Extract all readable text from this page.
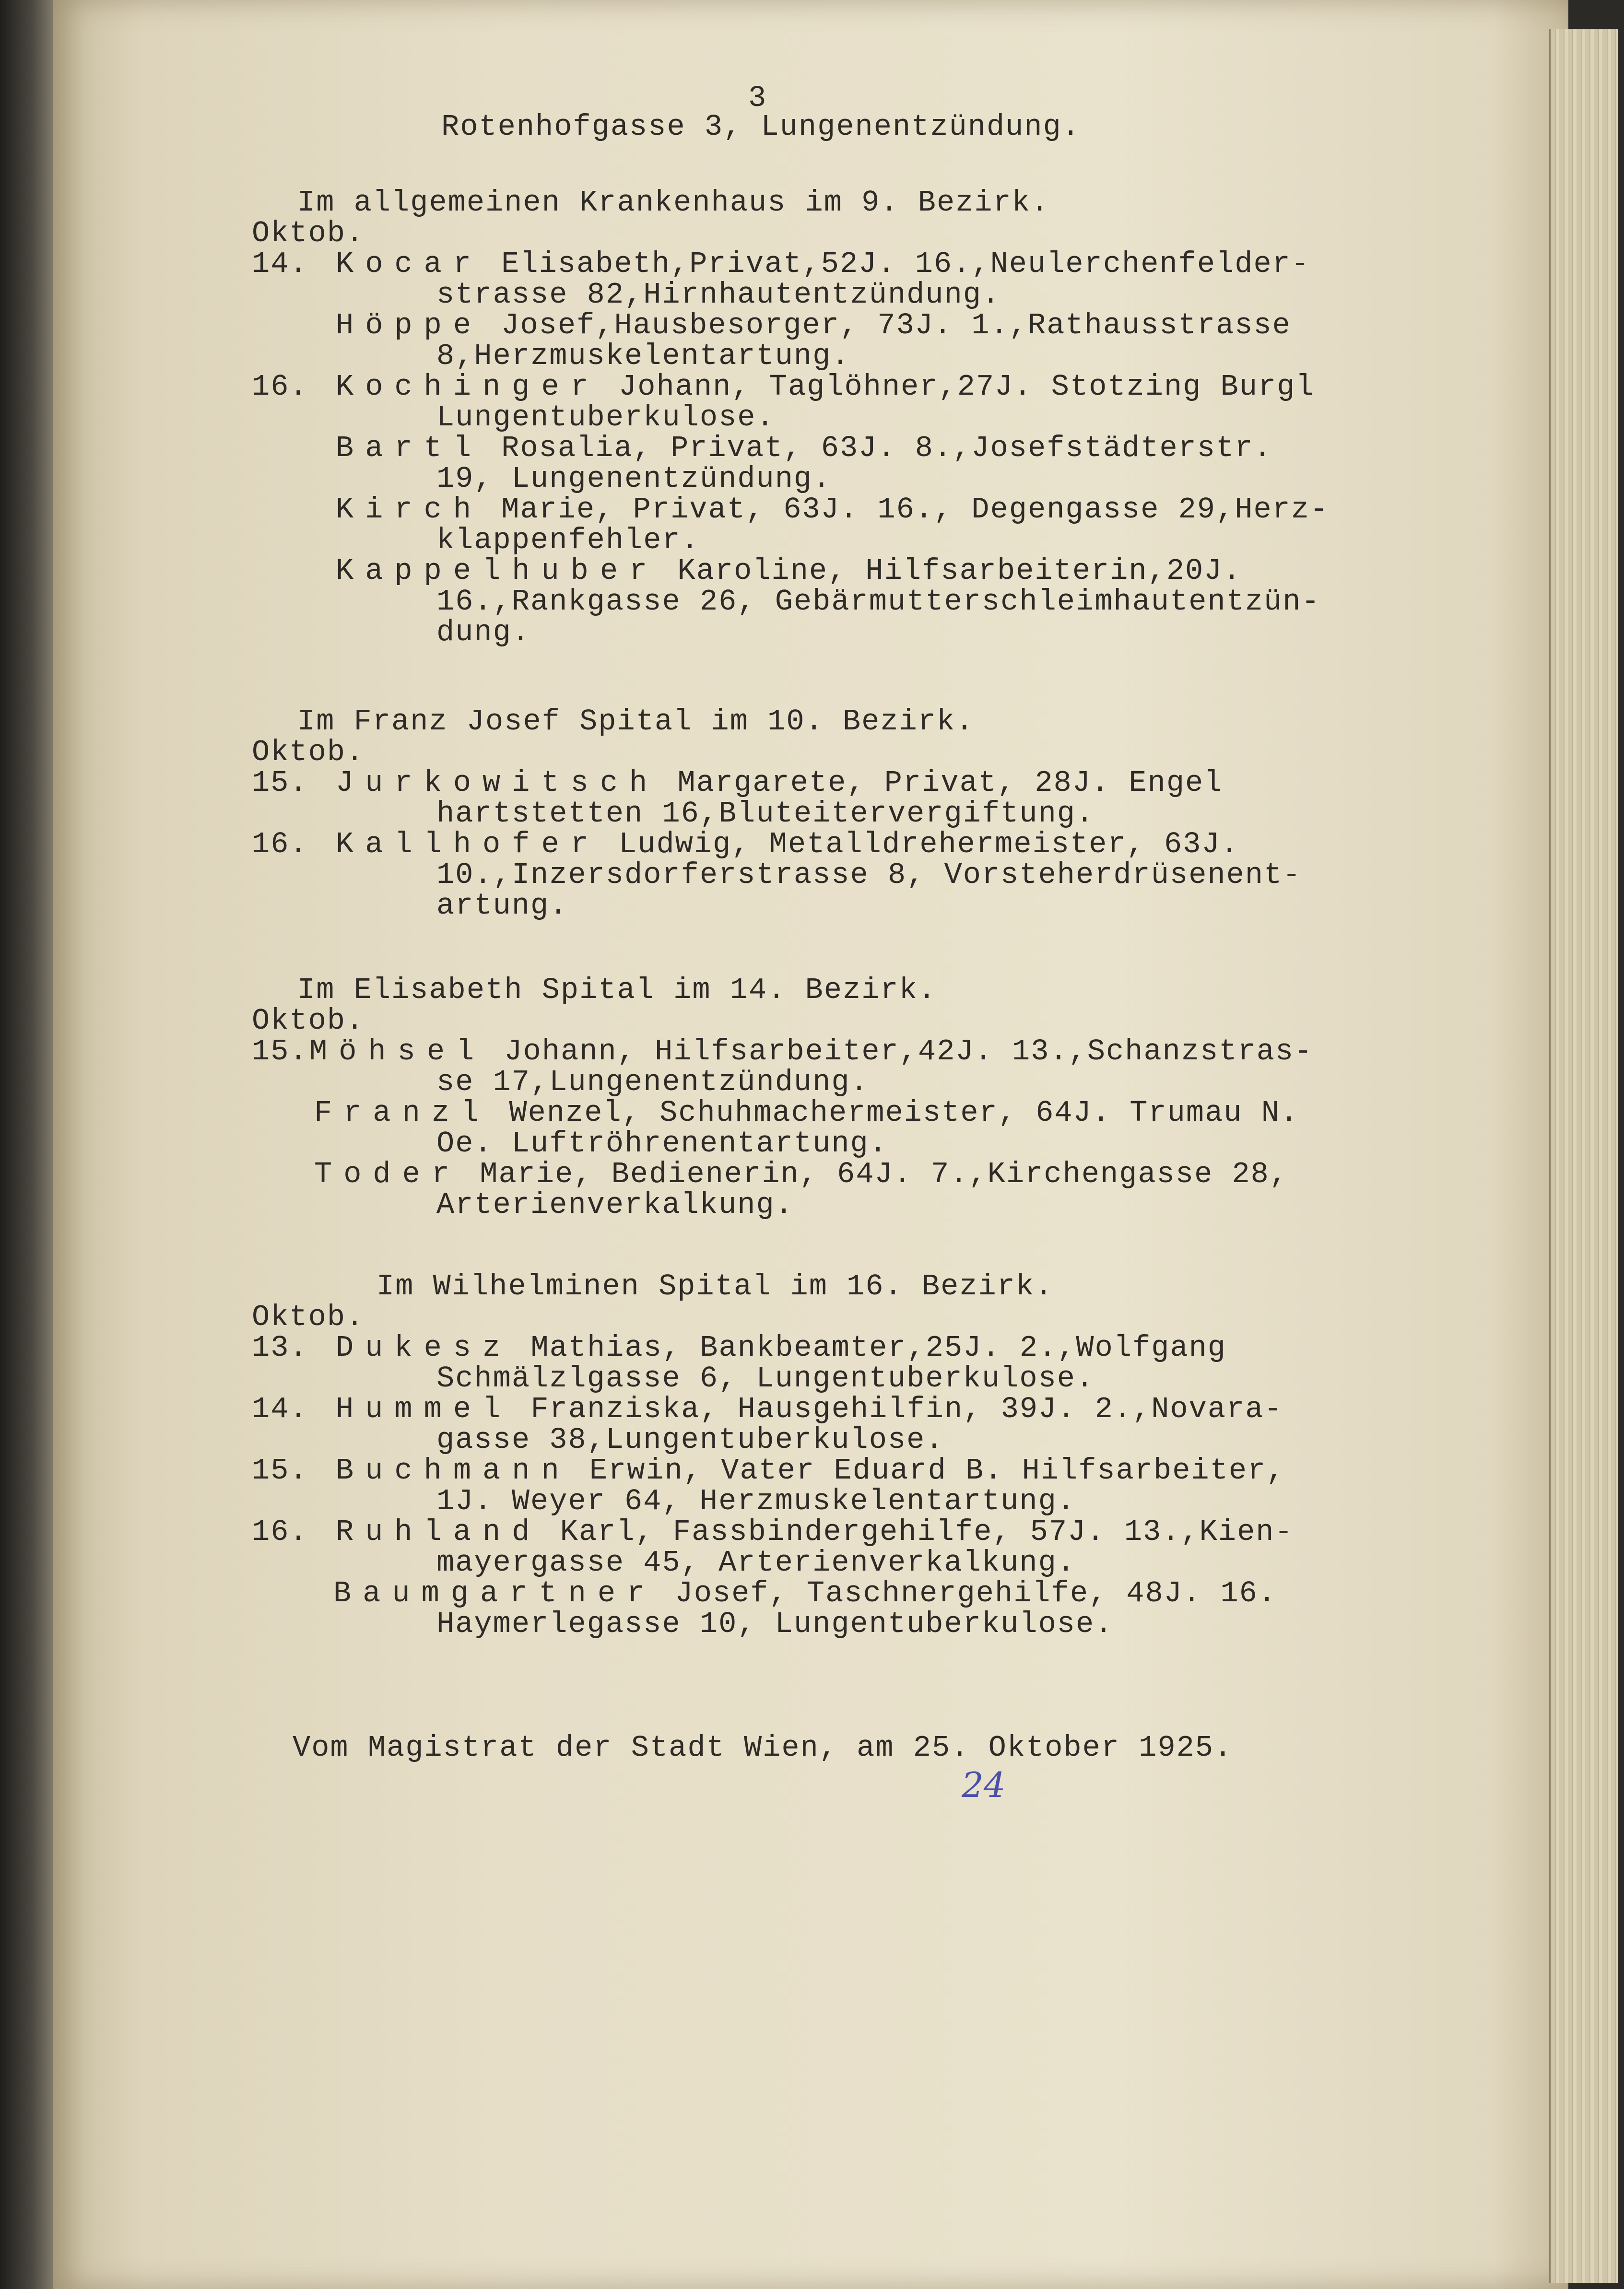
3
Rotenhofgasse 3, Lungenentzündung.
Im allgemeinen Krankenhaus im 9. Bezirk.
Oktob.
14. Kocar Elisabeth,Privat,52J. 16.,Neulerchenfelder-
strasse 82,Hirnhautentzündung.
Höppe Josef,Hausbesorger, 73J. 1.,Rathausstrasse
8,Herzmuskelentartung.
16. Kochinger Johann, Taglöhner,27J. Stotzing Burgl
Lungentuberkulose.
Bartl Rosalia, Privat, 63J. 8.,Josefstädterstr.
19, Lungenentzündung.
Kirch Marie, Privat, 63J. 16., Degengasse 29,Herz-
klappenfehler.
Kappelhuber Karoline, Hilfsarbeiterin,20J.
16.,Rankgasse 26, Gebärmutterschleimhautentzün-
dung.
Im Franz Josef Spital im 10. Bezirk.
Oktob.
15. Jurkowitsch Margarete, Privat, 28J. Engel
hartstetten 16,Bluteitervergiftung.
16. Kallhofer Ludwig, Metalldrehermeister, 63J.
10.,Inzersdorferstrasse 8, Vorsteherdrüsenent-
artung.
Im Elisabeth Spital im 14. Bezirk.
Oktob.
15.Möhsel Johann, Hilfsarbeiter,42J. 13.,Schanzstras-
se 17,Lungenentzündung.
Franzl Wenzel, Schuhmachermeister, 64J. Trumau N.
Oe. Luftröhrenentartung.
Toder Marie, Bedienerin, 64J. 7.,Kirchengasse 28,
Arterienverkalkung.
Im Wilhelminen Spital im 16. Bezirk.
Oktob.
13. Dukesz Mathias, Bankbeamter,25J. 2.,Wolfgang
Schmälzlgasse 6, Lungentuberkulose.
14. Hummel Franziska, Hausgehilfin, 39J. 2.,Novara-
gasse 38,Lungentuberkulose.
15. Buchmann Erwin, Vater Eduard B. Hilfsarbeiter,
1J. Weyer 64, Herzmuskelentartung.
16. Ruhland Karl, Fassbindergehilfe, 57J. 13.,Kien-
mayergasse 45, Arterienverkalkung.
Baumgartner Josef, Taschnergehilfe, 48J. 16.
Haymerlegasse 10, Lungentuberkulose.
Vom Magistrat der Stadt Wien, am 25. Oktober 1925.
24
